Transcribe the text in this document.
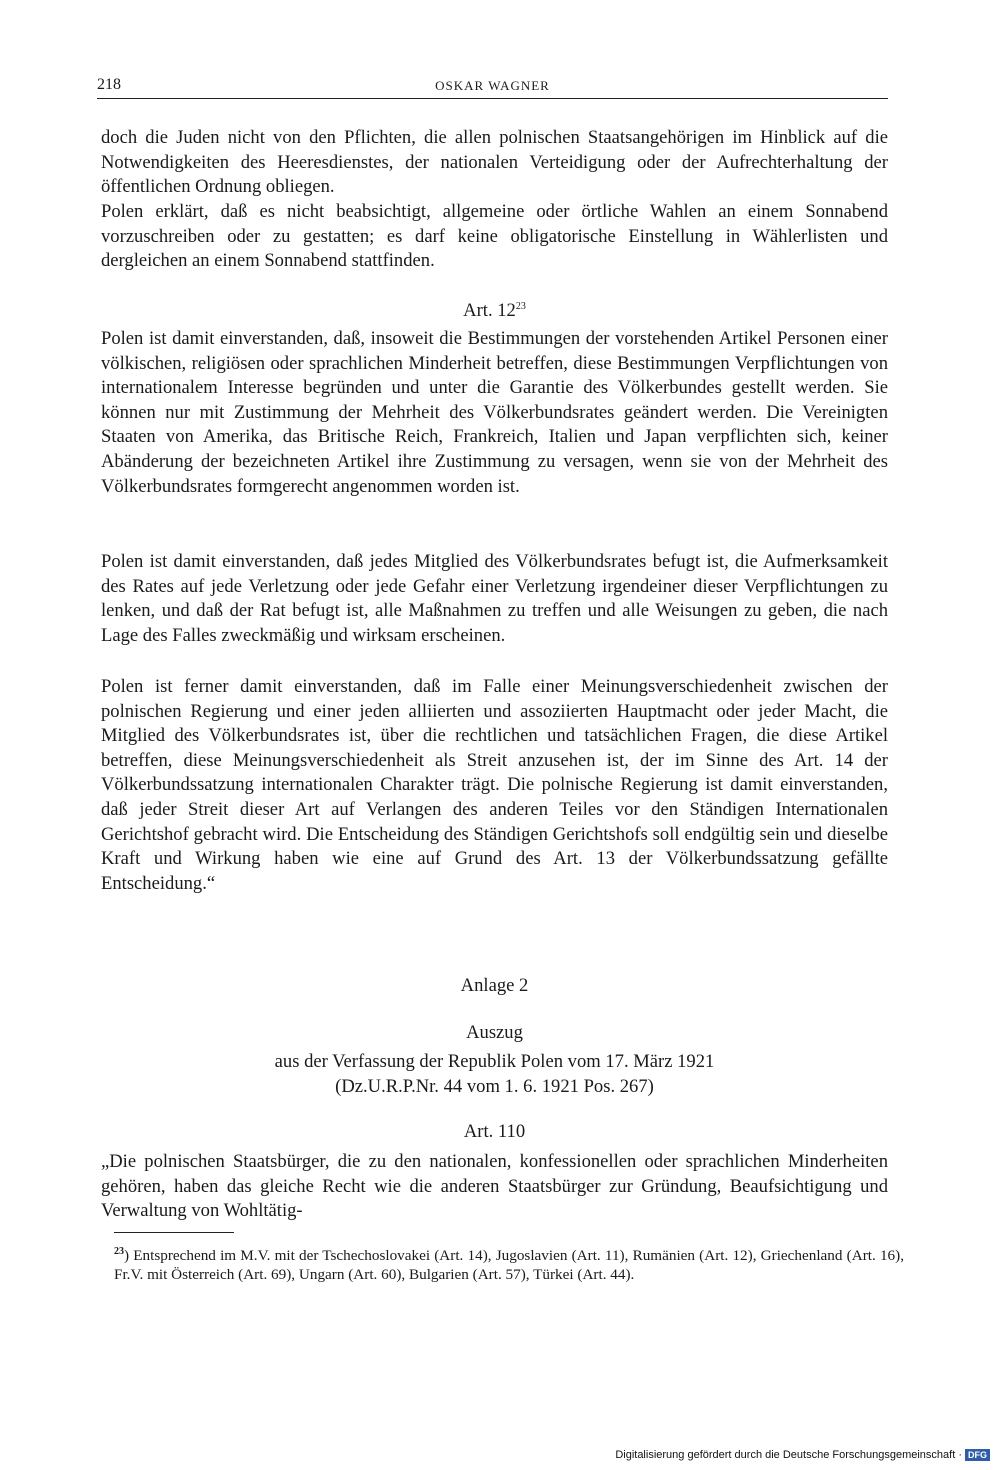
218	OSKAR WAGNER

doch die Juden nicht von den Pflichten, die allen polnischen Staatsangehörigen im Hinblick auf die Notwendigkeiten des Heeresdienstes, der nationalen Verteidigung oder der Aufrechterhaltung der öffentlichen Ordnung obliegen.

Polen erklärt, daß es nicht beabsichtigt, allgemeine oder örtliche Wahlen an einem Sonnabend vorzuschreiben oder zu gestatten; es darf keine obligatorische Einstellung in Wählerlisten und dergleichen an einem Sonnabend stattfinden.

Art. $12^{23}$

Polen ist damit einverstanden, daß, insoweit die Bestimmungen der vorstehenden Artikel Personen einer völkischen, religiösen oder sprachlichen Minderheit betreffen, diese Bestimmungen Verpflichtungen von internationalem Interesse begründen und unter die Garantie des Völkerbundes gestellt werden. Sie können nur mit Zustimmung der Mehrheit des Völkerbundsrates geändert werden. Die Vereinigten Staaten von Amerika, das Britische Reich, Frankreich, Italien und Japan verpflichten sich, keiner Abänderung der bezeichneten Artikel ihre Zustimmung zu versagen, wenn sie von der Mehrheit des Völkerbundsrates formgerecht angenommen worden ist.

Polen ist damit einverstanden, daß jedes Mitglied des Völkerbundsrates befugt ist, die Aufmerksamkeit des Rates auf jede Verletzung oder jede Gefahr einer Verletzung irgendeiner dieser Verpflichtungen zu lenken, und daß der Rat befugt ist, alle Maßnahmen zu treffen und alle Weisungen zu geben, die nach Lage des Falles zweckmäßig und wirksam erscheinen.

Polen ist ferner damit einverstanden, daß im Falle einer Meinungsverschiedenheit zwischen der polnischen Regierung und einer jeden alliierten und assoziierten Hauptmacht oder jeder Macht, die Mitglied des Völkerbundsrates ist, über die rechtlichen und tatsächlichen Fragen, die diese Artikel betreffen, diese Meinungsverschiedenheit als Streit anzusehen ist, der im Sinne des Art. 14 der Völkerbundssatzung internationalen Charakter trägt. Die polnische Regierung ist damit einverstanden, daß jeder Streit dieser Art auf Verlangen des anderen Teiles vor den Ständigen Internationalen Gerichtshof gebracht wird. Die Entscheidung des Ständigen Gerichtshofs soll endgültig sein und dieselbe Kraft und Wirkung haben wie eine auf Grund des Art. 13 der Völkerbundssatzung gefällte Entscheidung.“

Anlage 2

Auszug

aus der Verfassung der Republik Polen vom 17. März 1921

(Dz.U.R.P.Nr. 44 vom 1. 6. 1921 Pos. 267)

Art. 110

„Die polnischen Staatsbürger, die zu den nationalen, konfessionellen oder sprachlichen Minderheiten gehören, haben das gleiche Recht wie die anderen Staatsbürger zur Gründung, Beaufsichtigung und Verwaltung von Wohltätig-

$^{23}$) Entsprechend im M.V. mit der Tschechoslovakei (Art. 14), Jugoslavien (Art. 11), Rumänien (Art. 12), Griechenland (Art. 16), Fr.V. mit Österreich (Art. 69), Ungarn (Art. 60), Bulgarien (Art. 57), Türkei (Art. 44).

Digitalisierung gefördert durch die Deutsche Forschungsgemeinschaft · DFG
